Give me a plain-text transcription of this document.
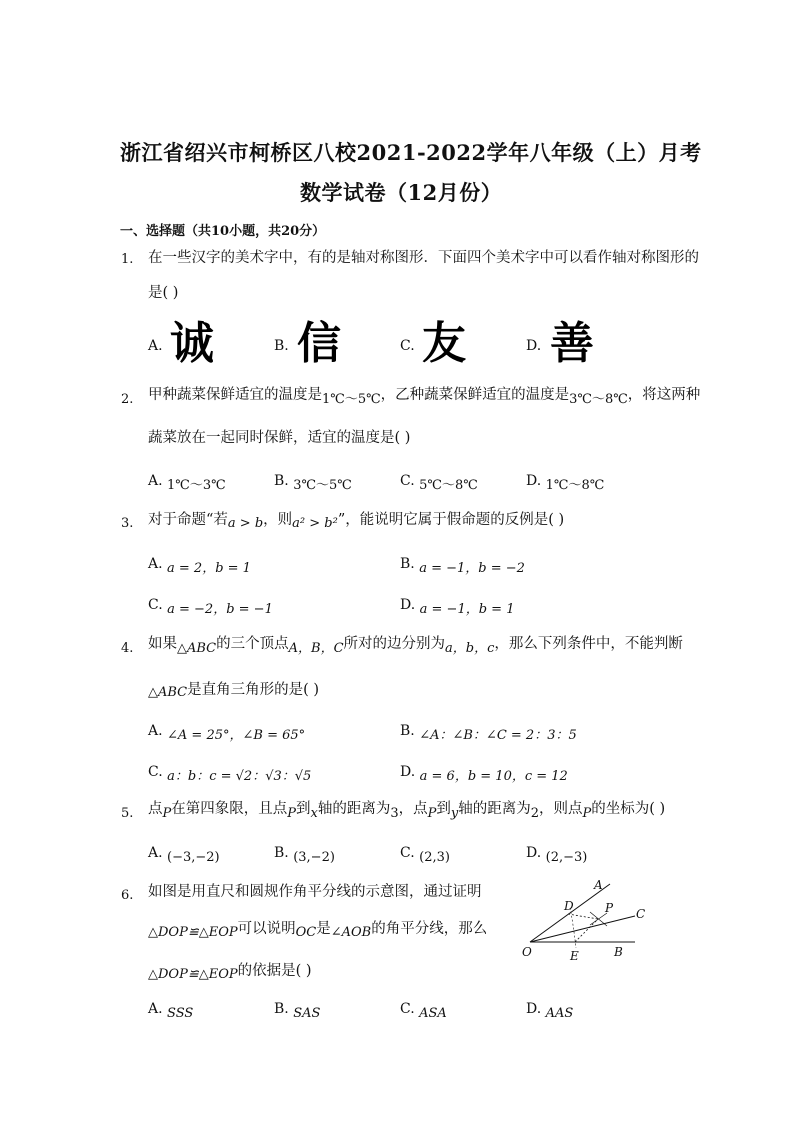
浙江省绍兴市柯桥区八校2021-2022学年八年级（上）月考
数学试卷（12月份）
一、选择题（共10小题，共20分）
1. 在一些汉字的美术字中，有的是轴对称图形．下面四个美术字中可以看作轴对称图形的
是( )
A. 诚	B. 信	C. 友	D. 善
2. 甲种蔬菜保鲜适宜的温度是1℃～5℃，乙种蔬菜保鲜适宜的温度是3℃～8℃，将这两种
蔬菜放在一起同时保鲜，适宜的温度是( )
A. 1℃～3℃	B. 3℃～5℃	C. 5℃～8℃	D. 1℃～8℃
3. 对于命题“若a > b，则a² > b²”，能说明它属于假命题的反例是( )
A. a = 2，b = 1	B. a = −1，b = −2
C. a = −2，b = −1	D. a = −1，b = 1
4. 如果△ABC的三个顶点A，B，C所对的边分别为a，b，c，那么下列条件中，不能判断
△ABC是直角三角形的是( )
A. ∠A = 25°，∠B = 65°	B. ∠A：∠B：∠C = 2：3：5
C. a：b：c = √2：√3：√5	D. a = 6，b = 10，c = 12
5. 点P在第四象限，且点P到x轴的距离为3，点P到y轴的距离为2，则点P的坐标为( )
A. (−3,−2)	B. (3,−2)	C. (2,3)	D. (2,−3)
6. 如图是用直尺和圆规作角平分线的示意图，通过证明
△DOP≌△EOP可以说明OC是∠AOB的角平分线，那么
△DOP≌△EOP的依据是( )
A
C
D	P
O	E	B
A. SSS	B. SAS	C. ASA	D. AAS
